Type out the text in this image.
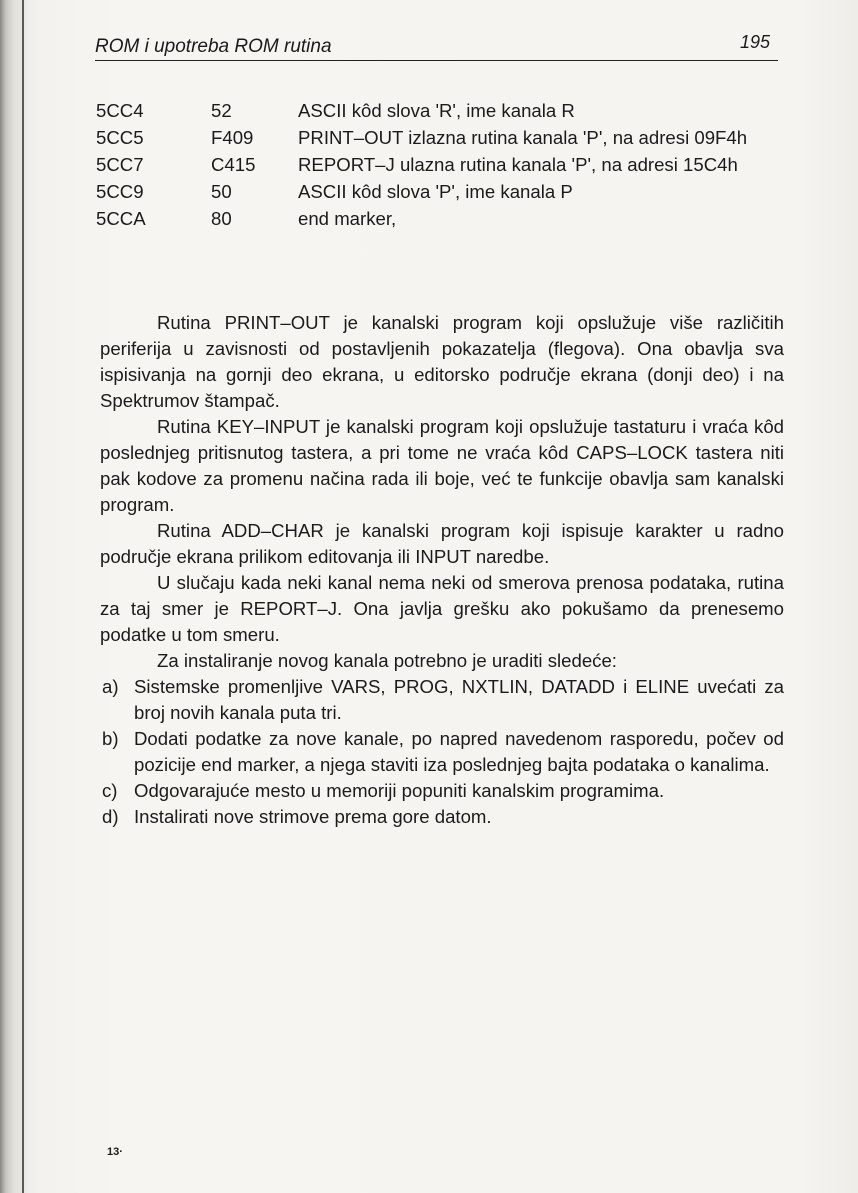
ROM i upotreba ROM rutina	195
5CC4	52	ASCII kôd slova 'R', ime kanala R
5CC5	F409 PRINT–OUT izlazna rutina kanala 'P', na adresi 09F4h
5CC7	C415 REPORT–J ulazna rutina kanala 'P', na adresi 15C4h
5CC9	50	ASCII kôd slova 'P', ime kanala P
5CCA	80	end marker,

Rutina PRINT–OUT je kanalski program koji opslužuje više različitih periferija u zavisnosti od postavljenih pokazatelja (flegova). Ona obavlja sva ispisivanja na gornji deo ekrana, u editorsko područje ekrana (donji deo) i na Spektrumov štampač.

Rutina KEY–INPUT je kanalski program koji opslužuje tastaturu i vraća kôd poslednjeg pritisnutog tastera, a pri tome ne vraća kôd CAPS–LOCK tastera niti pak kodove za promenu načina rada ili boje, već te funkcije obavlja sam kanalski program.

Rutina ADD–CHAR je kanalski program koji ispisuje karakter u radno područje ekrana prilikom editovanja ili INPUT naredbe.

U slučaju kada neki kanal nema neki od smerova prenosa podataka, rutina za taj smer je REPORT–J. Ona javlja grešku ako pokušamo da prenesemo podatke u tom smeru.

Za instaliranje novog kanala potrebno je uraditi sledeće:

a) Sistemske promenljive VARS, PROG, NXTLIN, DATADD i ELINE uvećati za broj novih kanala puta tri.
b) Dodati podatke za nove kanale, po napred navedenom rasporedu, počev od pozicije end marker, a njega staviti iza poslednjeg bajta podataka o kanalima.
c) Odgovarajuće mesto u memoriji popuniti kanalskim programima.
d) Instalirati nove strimove prema gore datom.
13·
